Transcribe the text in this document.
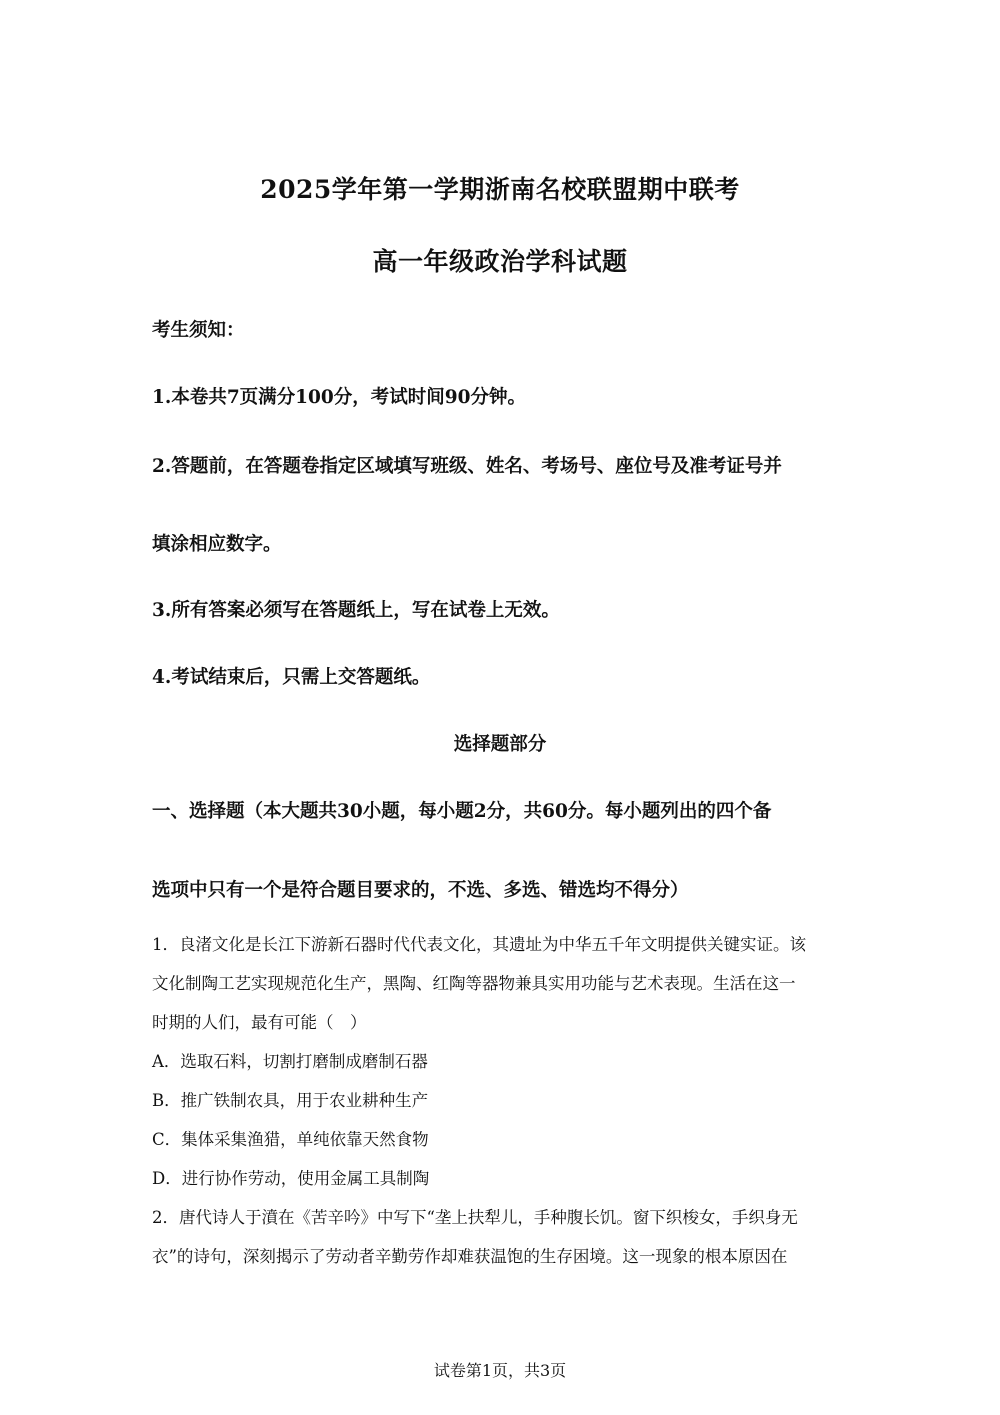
2025学年第一学期浙南名校联盟期中联考
高一年级政治学科试题
考生须知：
1.本卷共7页满分100分，考试时间90分钟。
2.答题前，在答题卷指定区域填写班级、姓名、考场号、座位号及准考证号并
填涂相应数字。
3.所有答案必须写在答题纸上，写在试卷上无效。
4.考试结束后，只需上交答题纸。
选择题部分
一、选择题（本大题共30小题，每小题2分，共60分。每小题列出的四个备
选项中只有一个是符合题目要求的，不选、多选、错选均不得分）
1．良渚文化是长江下游新石器时代代表文化，其遗址为中华五千年文明提供关键实证。该
文化制陶工艺实现规范化生产，黑陶、红陶等器物兼具实用功能与艺术表现。生活在这一
时期的人们，最有可能（　）
A．选取石料，切割打磨制成磨制石器
B．推广铁制农具，用于农业耕种生产
C．集体采集渔猎，单纯依靠天然食物
D．进行协作劳动，使用金属工具制陶
2．唐代诗人于濆在《苦辛吟》中写下“垄上扶犁儿，手种腹长饥。窗下织梭女，手织身无
衣”的诗句，深刻揭示了劳动者辛勤劳作却难获温饱的生存困境。这一现象的根本原因在
试卷第1页，共3页
